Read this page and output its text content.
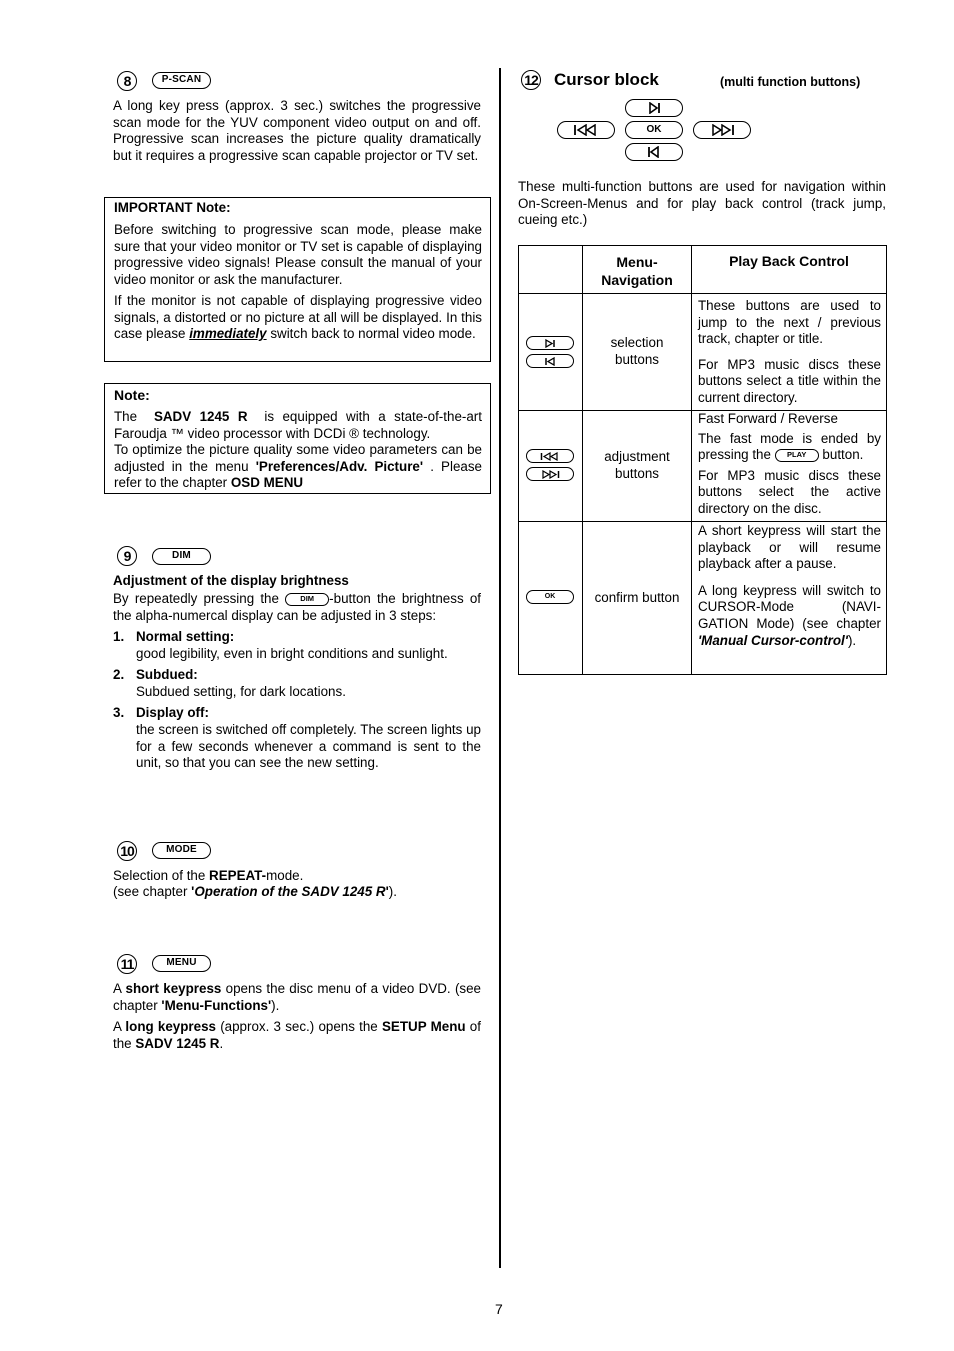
8	P-SCAN

A long key press (approx. 3 sec.) switches the progressive scan mode for the YUV component video output on and off. Progressive scan increases the picture quality dramatically but it requires a progressive scan capable projector or TV set.

IMPORTANT Note:

Before switching to progressive scan mode, please make sure that your video monitor or TV set is capable of displaying progressive video signals! Please consult the manual of your video monitor or ask the manufacturer.

If the monitor is not capable of displaying progressive video signals, a distorted or no picture at all will be displayed. In this case please immediately switch back to normal video mode.

Note:

The SADV 1245 R is equipped with a state-of-the-art Faroudja ™ video processor with DCDi ® technology.

To optimize the picture quality some video parameters can be adjusted in the menu 'Preferences/Adv. Picture' . Please refer to the chapter OSD MENU

9	DIM

Adjustment of the display brightness

By repeatedly pressing the	DIM -button the brightness of the alpha-numercal display can be adjusted in 3 steps:

1. Normal setting:

good legibility, even in bright conditions and sunlight.

2. Subdued:

Subdued setting, for dark locations.

3. Display off:

the screen is switched off completely. The screen lights up for a few seconds whenever a command is sent to the unit, so that you can see the new setting.

10	MODE

Selection of the REPEAT-mode.

(see chapter 'Operation of the SADV 1245 R').

11	MENU

A short keypress opens the disc menu of a video DVD. (see chapter 'Menu-Functions').

A long keypress (approx. 3 sec.) opens the SETUP Menu of the SADV 1245 R.

12 Cursor block	(multi function buttons)

OK

These multi-function buttons are used for navigation within On-Screen-Menus and for play back control (track jump, cueing etc.)

	Menu-Navigation	Play Back Control

selection buttons	These buttons are used to jump to the next / previous track, chapter or title.

For MP3 music discs these buttons select a title within the current directory.

adjustment buttons	Fast Forward / Reverse

The fast mode is ended by pressing the PLAY button.

For MP3 music discs these buttons select the active directory on the disc.

OK	confirm button	A short keypress will start the playback or will resume playback after a pause.

A long keypress will switch to CURSOR-Mode (NAVI-GATION Mode) (see chapter 'Manual Cursor-control').

7
